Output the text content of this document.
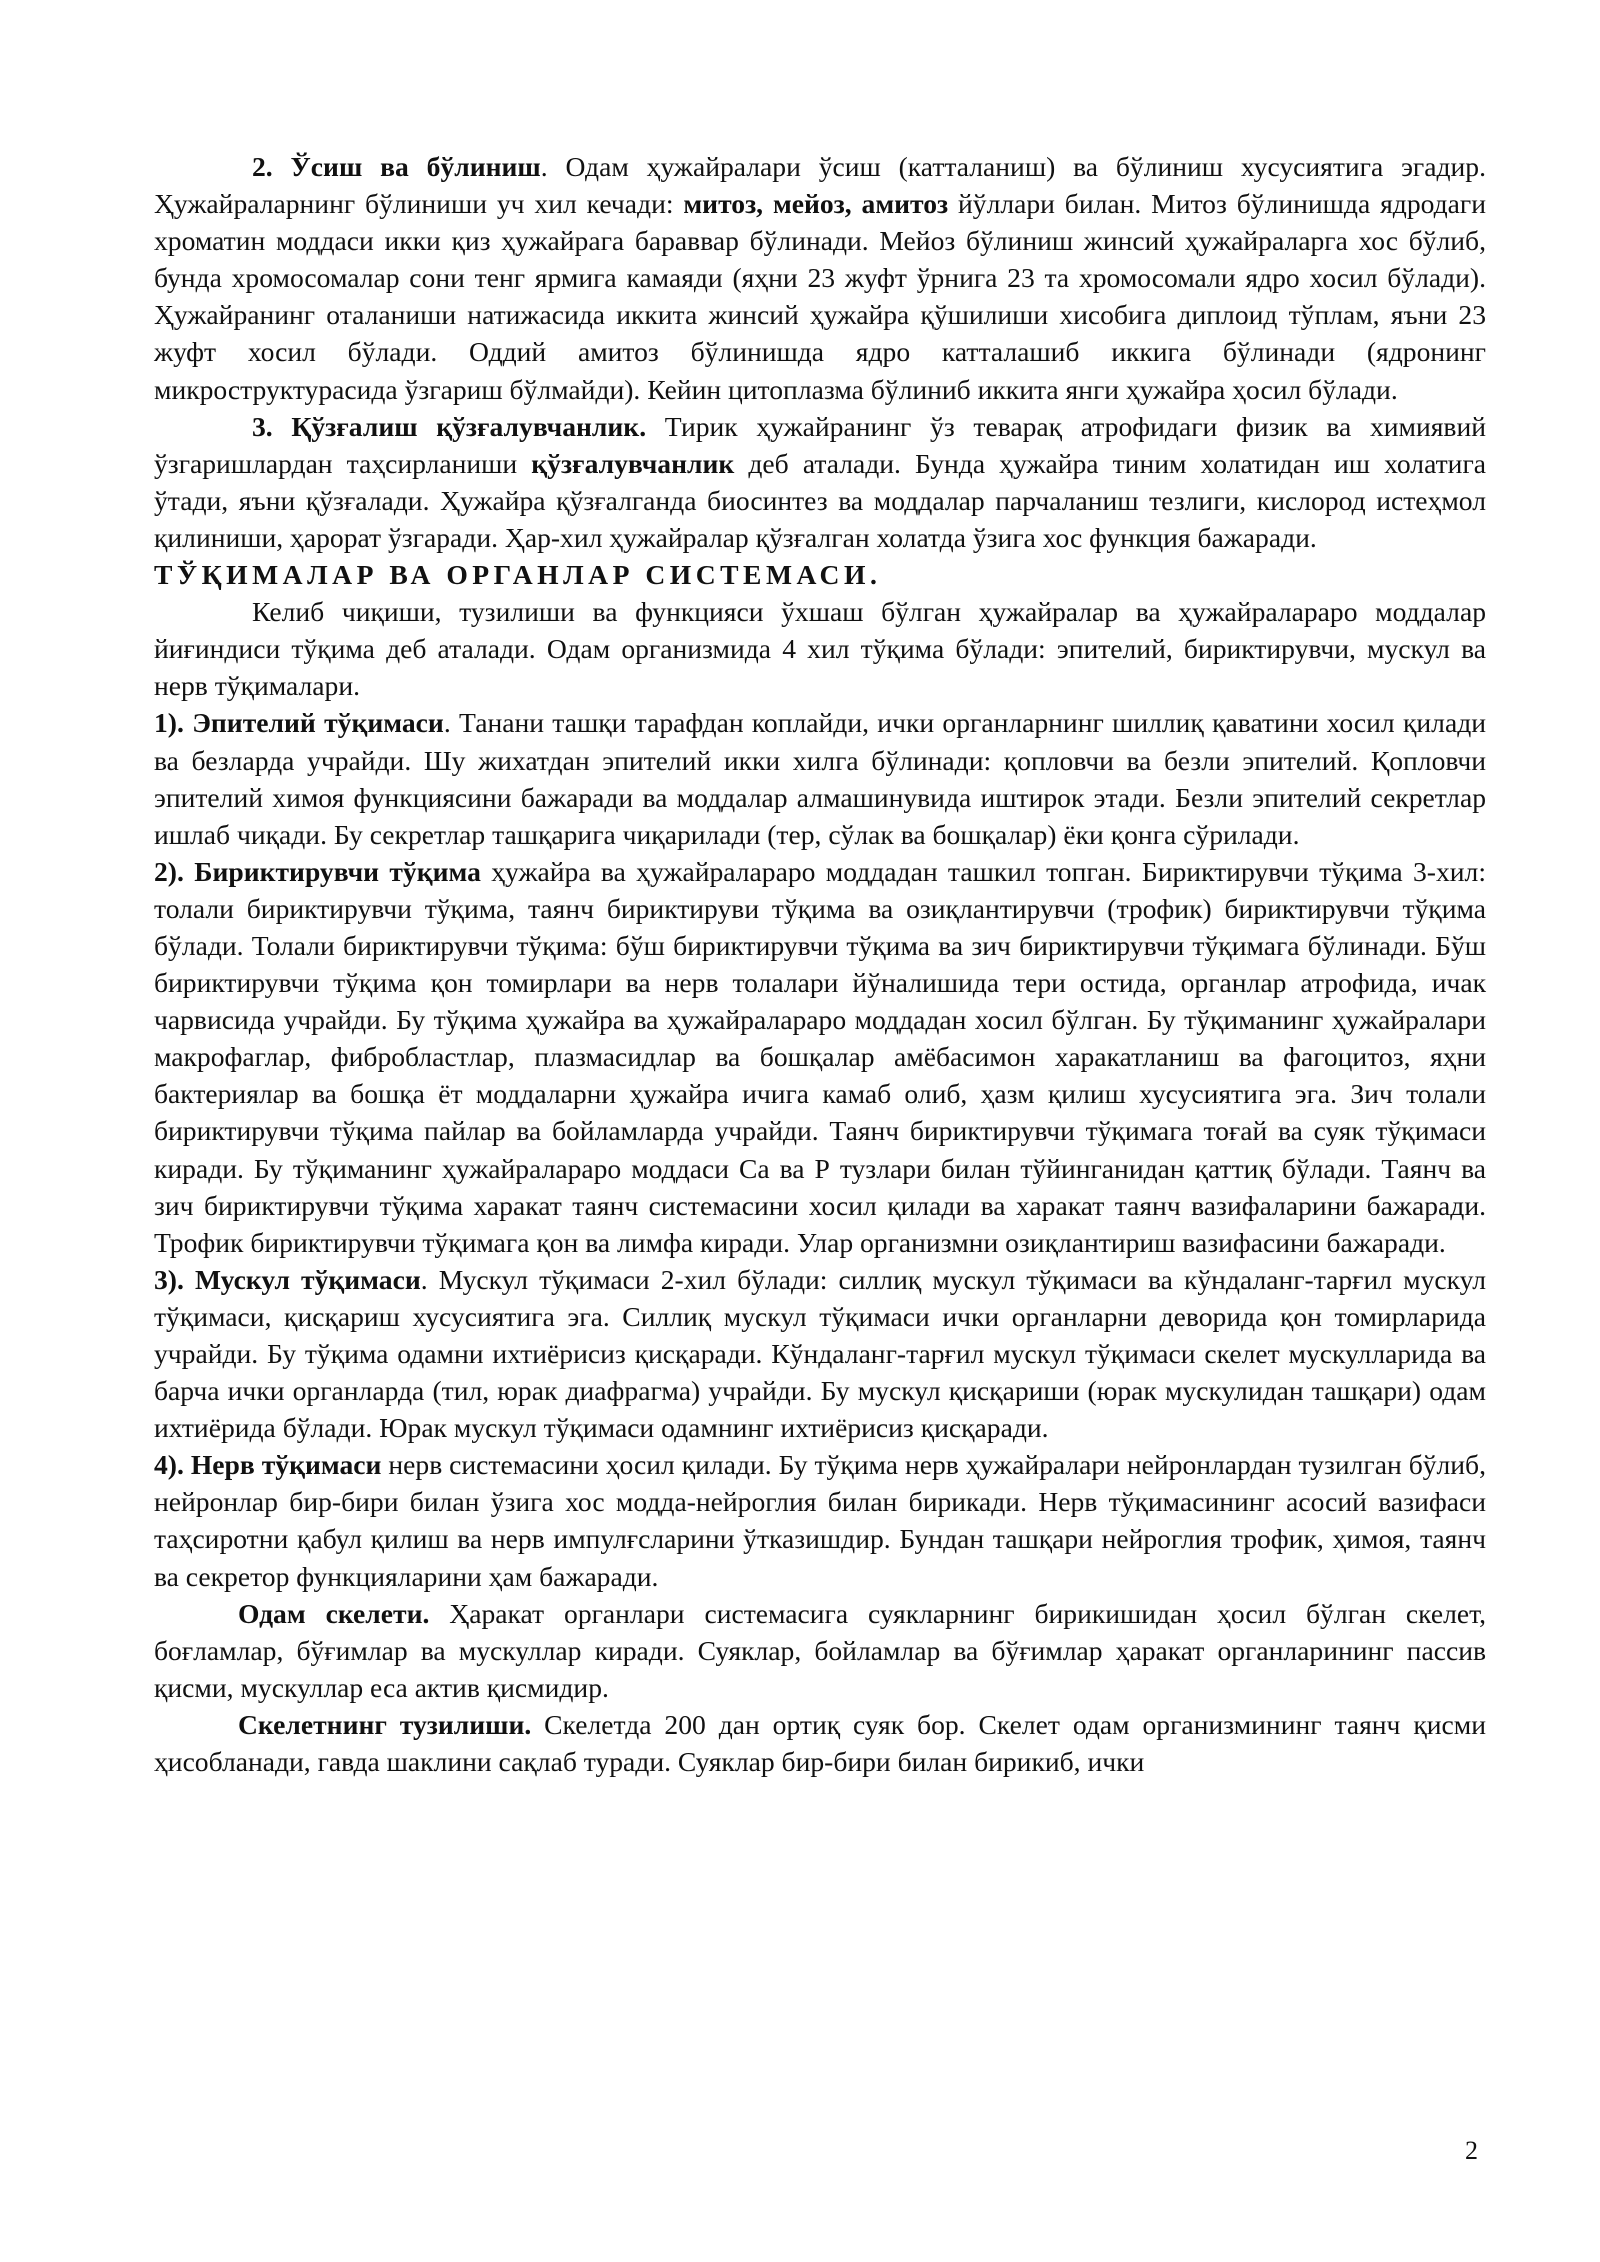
2. Ўсиш ва бўлиниш. Одам ҳужайралари ўсиш (катталаниш) ва бўлиниш хусусиятига эгадир. Ҳужайраларнинг бўлиниши уч хил кечади: митоз, мейоз, амитоз йўллари билан. Митоз бўлинишда ядродаги хроматин моддаси икки қиз ҳужайрага бараввар бўлинади. Мейоз бўлиниш жинсий ҳужайраларга хос бўлиб, бунда хромосомалар сони тенг ярмига камаяди (яҳни 23 жуфт ўрнига 23 та хромосомали ядро хосил бўлади). Ҳужайранинг оталаниши натижасида иккита жинсий ҳужайра қўшилиши хисобига диплоид тўплам, яъни 23 жуфт хосил бўлади. Оддий амитоз бўлинишда ядро катталашиб иккига бўлинади (ядронинг микроструктурасида ўзгариш бўлмайди). Кейин цитоплазма бўлиниб иккита янги ҳужайра ҳосил бўлади.

3. Қўзғалиш қўзғалувчанлик. Тирик ҳужайранинг ўз теварақ атрофидаги физик ва химиявий ўзгаришлардан таҳсирланиши қўзғалувчанлик деб аталади. Бунда ҳужайра тиним холатидан иш холатига ўтади, яъни қўзғалади. Ҳужайра қўзғалганда биосинтез ва моддалар парчаланиш тезлиги, кислород истеҳмол қилиниши, ҳарорат ўзгаради. Ҳар-хил ҳужайралар қўзғалган холатда ўзига хос функция бажаради.

ТЎҚИМАЛАР ВА ОРГАНЛАР СИСТЕМАСИ.

Келиб чиқиши, тузилиши ва функцияси ўхшаш бўлган ҳужайралар ва ҳужайралараро моддалар йиғиндиси тўқима деб аталади. Одам организмида 4 хил тўқима бўлади: эпителий, бириктирувчи, мускул ва нерв тўқималари.

1). Эпителий тўқимаси. Танани ташқи тарафдан коплайди, ички органларнинг шиллиқ қаватини хосил қилади ва безларда учрайди. Шу жихатдан эпителий икки хилга бўлинади: қопловчи ва безли эпителий. Қопловчи эпителий химоя функциясини бажаради ва моддалар алмашинувида иштирок этади. Безли эпителий секретлар ишлаб чиқади. Бу секретлар ташқарига чиқарилади (тер, сўлак ва бошқалар) ёки қонга сўрилади.

2). Бириктирувчи тўқима ҳужайра ва ҳужайралараро моддадан ташкил топган. Бириктирувчи тўқима 3-хил: толали бириктирувчи тўқима, таянч бириктируви тўқима ва озиқлантирувчи (трофик) бириктирувчи тўқима бўлади. Толали бириктирувчи тўқима: бўш бириктирувчи тўқима ва зич бириктирувчи тўқимага бўлинади. Бўш бириктирувчи тўқима қон томирлари ва нерв толалари йўналишида тери остида, органлар атрофида, ичак чарвисида учрайди. Бу тўқима ҳужайра ва ҳужайралараро моддадан хосил бўлган. Бу тўқиманинг ҳужайралари макрофаглар, фибробластлар, плазмасидлар ва бошқалар амёбасимон харакатланиш ва фагоцитоз, яҳни бактериялар ва бошқа ёт моддаларни ҳужайра ичига камаб олиб, ҳазм қилиш хусусиятига эга. Зич толали бириктирувчи тўқима пайлар ва бойламларда учрайди. Таянч бириктирувчи тўқимага тоғай ва суяк тўқимаси киради. Бу тўқиманинг ҳужайралараро моддаси Са ва Р тузлари билан тўйинганидан қаттиқ бўлади. Таянч ва зич бириктирувчи тўқима харакат таянч системасини хосил қилади ва харакат таянч вазифаларини бажаради. Трофик бириктирувчи тўқимага қон ва лимфа киради. Улар организмни озиқлантириш вазифасини бажаради.

3). Мускул тўқимаси. Мускул тўқимаси 2-хил бўлади: силлиқ мускул тўқимаси ва кўндаланг-тарғил мускул тўқимаси, қисқариш хусусиятига эга. Силлиқ мускул тўқимаси ички органларни деворида қон томирларида учрайди. Бу тўқима одамни ихтиёрисиз қисқаради. Кўндаланг-тарғил мускул тўқимаси скелет мускулларида ва барча ички органларда (тил, юрак диафрагма) учрайди. Бу мускул қисқариши (юрак мускулидан ташқари) одам ихтиёрида бўлади. Юрак мускул тўқимаси одамнинг ихтиёрисиз қисқаради.

4). Нерв тўқимаси нерв системасини ҳосил қилади. Бу тўқима нерв ҳужайралари нейронлардан тузилган бўлиб, нейронлар бир-бири билан ўзига хос модда-нейроглия билан бирикади. Нерв тўқимасининг асосий вазифаси таҳсиротни қабул қилиш ва нерв импулғсларини ўтказишдир. Бундан ташқари нейроглия трофик, ҳимоя, таянч ва секретор функцияларини ҳам бажаради.

Одам скелети. Ҳаракат органлари системасига суякларнинг бирикишидан ҳосил бўлган скелет, боғламлар, бўғимлар ва мускуллар киради. Суяклар, бойламлар ва бўғимлар ҳаракат органларининг пассив қисми, мускуллар еса актив қисмидир.

Скелетнинг тузилиши. Скелетда 200 дан ортиқ суяк бор. Скелет одам организмининг таянч қисми ҳисобланади, гавда шаклини сақлаб туради. Суяклар бир-бири билан бирикиб, ички

2
